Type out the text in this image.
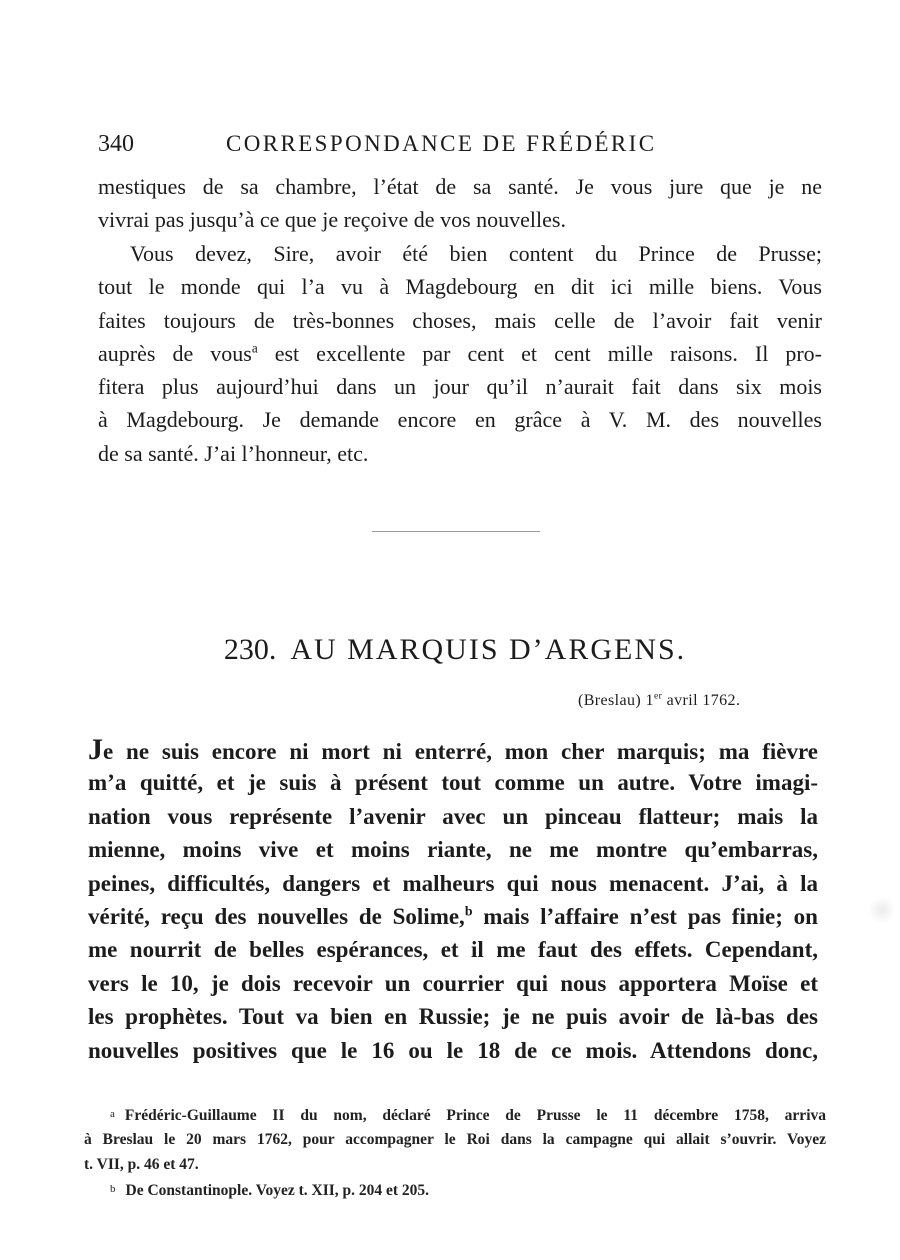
340	CORRESPONDANCE DE FRÉDÉRIC
mestiques de sa chambre, l’état de sa santé. Je vous jure que je ne
vivrai pas jusqu’à ce que je reçoive de vos nouvelles.
Vous devez, Sire, avoir été bien content du Prince de Prusse;
tout le monde qui l’a vu à Magdebourg en dit ici mille biens. Vous
faites toujours de très-bonnes choses, mais celle de l’avoir fait venir
auprès de vous$^a$ est excellente par cent et cent mille raisons. Il pro-
fitera plus aujourd’hui dans un jour qu’il n’aurait fait dans six mois
à Magdebourg. Je demande encore en grâce à V. M. des nouvelles
de sa santé. J’ai l’honneur, etc.
230. AU MARQUIS D’ARGENS.
(Breslau) 1er avril 1762.
Je ne suis encore ni mort ni enterré, mon cher marquis; ma fièvre
m’a quitté, et je suis à présent tout comme un autre. Votre imagi-
nation vous représente l’avenir avec un pinceau flatteur; mais la
mienne, moins vive et moins riante, ne me montre qu’embarras,
peines, difficultés, dangers et malheurs qui nous menacent. J’ai, à la
vérité, reçu des nouvelles de Solime,$^b$ mais l’affaire n’est pas finie; on
me nourrit de belles espérances, et il me faut des effets. Cependant,
vers le 10, je dois recevoir un courrier qui nous apportera Moïse et
les prophètes. Tout va bien en Russie; je ne puis avoir de là-bas des
nouvelles positives que le 16 ou le 18 de ce mois. Attendons donc,
a Frédéric-Guillaume II du nom, déclaré Prince de Prusse le 11 décembre 1758, arriva
à Breslau le 20 mars 1762, pour accompagner le Roi dans la campagne qui allait s’ouvrir. Voyez
t. VII, p. 46 et 47.
b De Constantinople. Voyez t. XII, p. 204 et 205.
